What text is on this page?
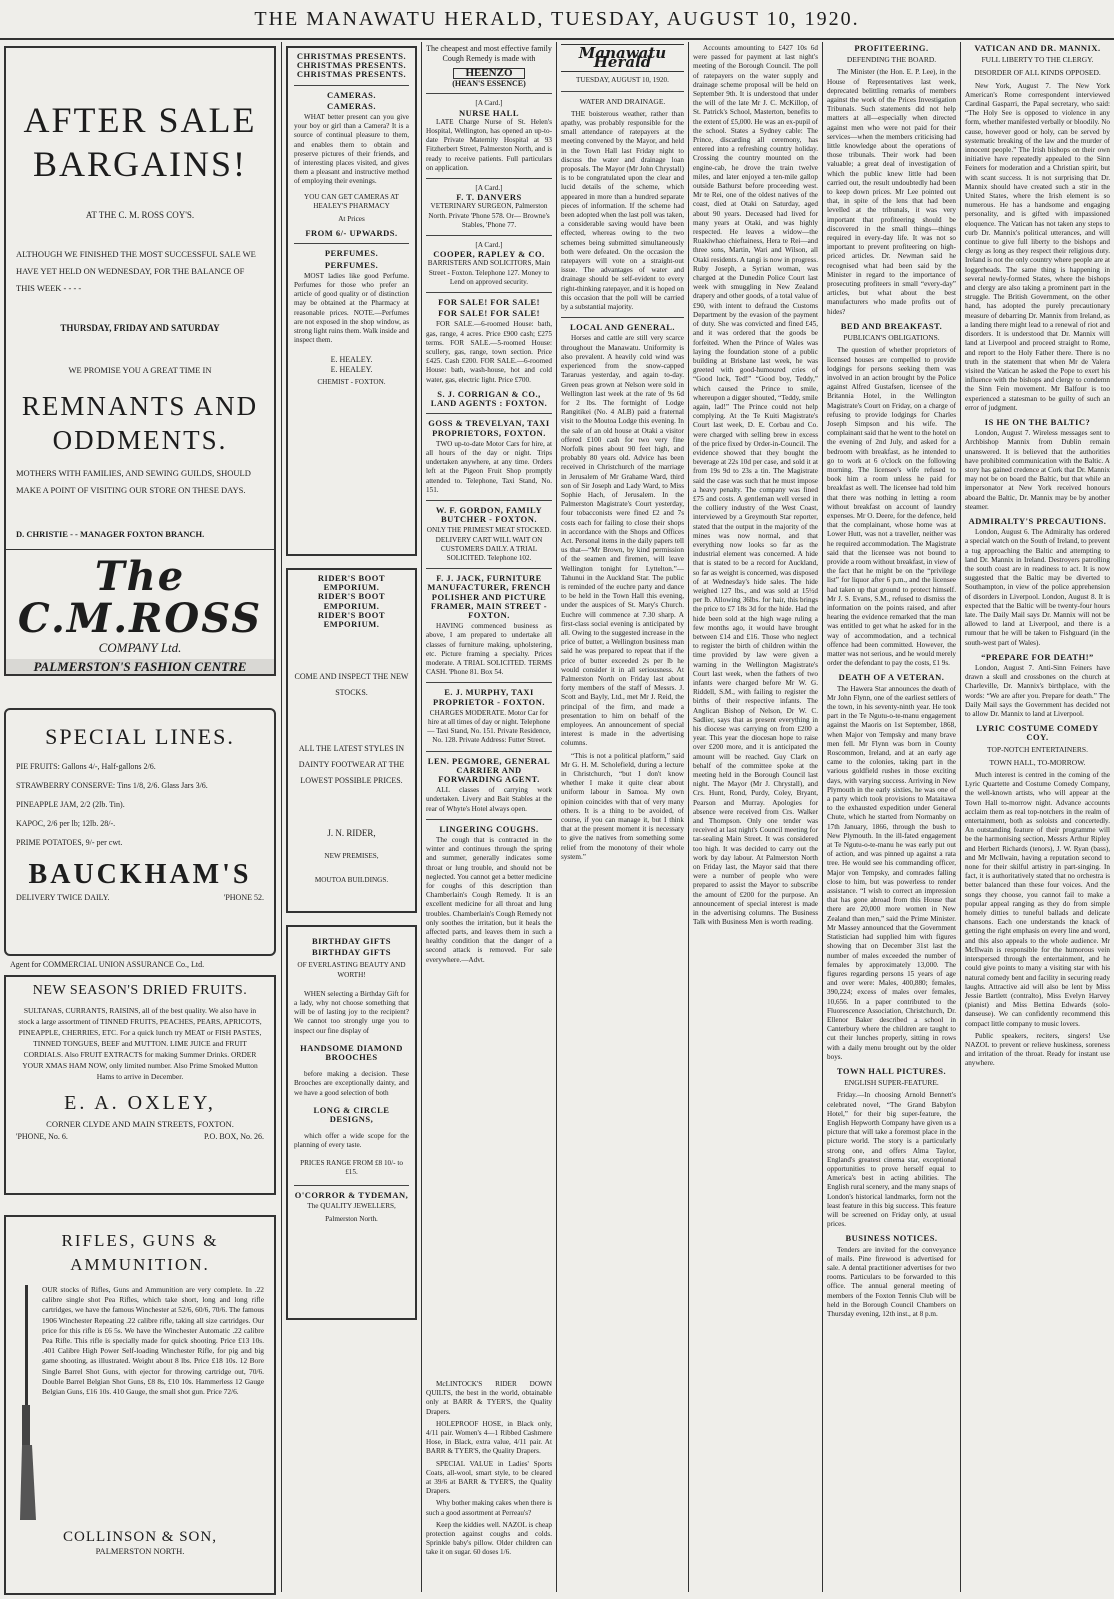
THE MANAWATU HERALD, TUESDAY, AUGUST 10, 1920.
AFTER SALE
BARGAINS!
AT THE C. M. ROSS COY'S.
ALTHOUGH WE FINISHED THE MOST SUCCESSFUL SALE WE HAVE YET HELD ON WEDNESDAY, FOR THE BALANCE OF THIS WEEK - - - -
THURSDAY, FRIDAY AND SATURDAY
WE PROMISE YOU A GREAT TIME IN
REMNANTS AND ODDMENTS.
MOTHERS WITH FAMILIES, AND SEWING GUILDS, SHOULD MAKE A POINT OF VISITING OUR STORE ON THESE DAYS.
D. CHRISTIE - - MANAGER FOXTON BRANCH.
The C.M.ROSS
COMPANY Ltd.
PALMERSTON'S FASHION CENTRE
SPECIAL LINES.
PIE FRUITS: Gallons 4/-, Half-gallons 2/6.
STRAWBERRY CONSERVE: Tins 1/8, 2/6. Glass Jars 3/6.
PINEAPPLE JAM, 2/2 (2lb. Tin).
KAPOC, 2/6 per lb; 12lb. 28/-.
PRIME POTATOES, 9/- per cwt.
BAUCKHAM'S
DELIVERY TWICE DAILY.	'PHONE 52.
Agent for COMMERCIAL UNION ASSURANCE Co., Ltd.
NEW SEASON'S DRIED FRUITS.
SULTANAS, CURRANTS, RAISINS, all of the best quality. We also have in stock a large assortment of TINNED FRUITS, PEACHES, PEARS, APRICOTS, PINEAPPLE, CHERRIES, ETC. For a quick lunch try MEAT or FISH PASTES, TINNED TONGUES, BEEF and MUTTON. LIME JUICE and FRUIT CORDIALS. Also FRUIT EXTRACTS for making Summer Drinks. ORDER YOUR XMAS HAM NOW, only limited number. Also Prime Smoked Mutton Hams to arrive in December.
E. A. OXLEY,
CORNER CLYDE AND MAIN STREETS, FOXTON.
'PHONE, No. 6.	P.O. BOX, No. 26.
RIFLES, GUNS & AMMUNITION.
OUR stocks of Rifles, Guns and Ammunition are very complete. In .22 calibre single shot Pea Rifles, which take short, long and long rifle cartridges, we have the famous Winchester at 52/6, 60/6, 70/6. The famous 1906 Winchester Repeating .22 calibre rifle, taking all size cartridges. Our price for this rifle is £6 5s. We have the Winchester Automatic .22 calibre Pea Rifle. This rifle is specially made for quick shooting. Price £13 10s. .401 Calibre High Power Self-loading Winchester Rifle, for pig and big game shooting, as illustrated. Weight about 8 lbs. Price £18 10s. 12 Bore Single Barrel Shot Guns, with ejector for throwing cartridge out, 70/6. Double Barrel Belgian Shot Guns, £8 8s, £10 10s. Hammerless 12 Gauge Belgian Guns, £16 10s. 410 Gauge, the small shot gun. Price 72/6.
COLLINSON & SON,
PALMERSTON NORTH.
CHRISTMAS PRESENTS.
CHRISTMAS PRESENTS.
CHRISTMAS PRESENTS.
CAMERAS.
CAMERAS.
WHAT better present can you give your boy or girl than a Camera? It is a source of continual pleasure to them, and enables them to obtain and preserve pictures of their friends, and of interesting places visited, and gives them a pleasant and instructive method of employing their evenings.
YOU CAN GET CAMERAS AT HEALEY'S PHARMACY
At Prices
FROM 6/- UPWARDS.
PERFUMES.
PERFUMES.
MOST ladies like good Perfume. Perfumes for those who prefer an article of good quality or of distinction may be obtained at the Pharmacy at reasonable prices. NOTE.—Perfumes are not exposed in the shop window, as strong light ruins them. Walk inside and inspect them.
E. HEALEY.
E. HEALEY.
CHEMIST - FOXTON.
RIDER'S BOOT EMPORIUM.
RIDER'S BOOT EMPORIUM.
RIDER'S BOOT EMPORIUM.
COME AND INSPECT THE NEW STOCKS.
ALL THE LATEST STYLES IN DAINTY FOOTWEAR AT THE LOWEST POSSIBLE PRICES.
J. N. RIDER,
NEW PREMISES,
MOUTOA BUILDINGS.
BIRTHDAY GIFTS
BIRTHDAY GIFTS
OF EVERLASTING BEAUTY AND WORTH!
WHEN selecting a Birthday Gift for a lady, why not choose something that will be of lasting joy to the recipient? We cannot too strongly urge you to inspect our fine display of
HANDSOME DIAMOND BROOCHES
before making a decision. These Brooches are exceptionally dainty, and we have a good selection of both
LONG & CIRCLE DESIGNS,
which offer a wide scope for the planning of every taste.
PRICES RANGE FROM £8 10/- to £15.
O'CORROR & TYDEMAN,
The QUALITY JEWELLERS,
Palmerston North.
The cheapest and most effective family Cough Remedy is made with
HEENZO
(HEAN'S ESSENCE)
[A Card.]
NURSE HALL
LATE Charge Nurse of St. Helen's Hospital, Wellington, has opened an up-to-date Private Maternity Hospital at 93 Fitzherbert Street, Palmerston North, and is ready to receive patients. Full particulars on application.
[A Card.]
F. T. DANVERS
VETERINARY SURGEON, Palmerston North. Private 'Phone 578. Or— Browne's Stables, 'Phone 77.
[A Card.]
COOPER, RAPLEY & CO.
BARRISTERS AND SOLICITORS, Main Street - Foxton. Telephone 127. Money to Lend on approved security.
FOR SALE! FOR SALE!
FOR SALE! FOR SALE!
FOR SALE.—6-roomed House: bath, gas, range, 4 acres. Price £900 cash; £275 terms. FOR SALE.—5-roomed House: scullery, gas, range, town section. Price £425. Cash £200. FOR SALE.—6-roomed House: bath, wash-house, hot and cold water, gas, electric light. Price £700.
S. J. CORRIGAN & CO., LAND AGENTS : FOXTON.
GOSS & TREVELYAN, TAXI PROPRIETORS, FOXTON.
TWO up-to-date Motor Cars for hire, at all hours of the day or night. Trips undertaken anywhere, at any time. Orders left at the Pigeon Fruit Shop promptly attended to. Telephone, Taxi Stand, No. 151.
W. F. GORDON, FAMILY BUTCHER - FOXTON.
ONLY THE PRIMEST MEAT STOCKED. DELIVERY CART WILL WAIT ON CUSTOMERS DAILY. A TRIAL SOLICITED. Telephone 102.
F. J. JACK, FURNITURE MANUFACTURER, FRENCH POLISHER AND PICTURE FRAMER, MAIN STREET - FOXTON.
HAVING commenced business as above, I am prepared to undertake all classes of furniture making, upholstering, etc. Picture framing a specialty. Prices moderate. A TRIAL SOLICITED. TERMS CASH. 'Phone 81. Box 54.
E. J. MURPHY, TAXI PROPRIETOR - FOXTON.
CHARGES MODERATE. Motor Car for hire at all times of day or night. Telephone— Taxi Stand, No. 151. Private Residence, No. 128. Private Address: Futter Street.
LEN. PEGMORE, GENERAL CARRIER AND FORWARDING AGENT.
ALL classes of carrying work undertaken. Livery and Bait Stables at the rear of Whyte's Hotel always open.
LINGERING COUGHS.
The cough that is contracted in the winter and continues through the spring and summer, generally indicates some throat or lung trouble, and should not be neglected. You cannot get a better medicine for coughs of this description than Chamberlain's Cough Remedy. It is an excellent medicine for all throat and lung troubles. Chamberlain's Cough Remedy not only soothes the irritation, but it heals the affected parts, and leaves them in such a healthy condition that the danger of a second attack is removed. For sale everywhere.—Advt.
Manawatu Herald
TUESDAY, AUGUST 10, 1920.
WATER AND DRAINAGE.
THE boisterous weather, rather than apathy, was probably responsible for the small attendance of ratepayers at the meeting convened by the Mayor, and held in the Town Hall last Friday night to discuss the water and drainage loan proposals. The Mayor (Mr John Chrystall) is to be congratulated upon the clear and lucid details of the scheme, which appeared in more than a hundred separate pieces of information. If the scheme had been adopted when the last poll was taken, a considerable saving would have been effected, whereas owing to the two schemes being submitted simultaneously both were defeated. On the occasion the ratepayers will vote on a straight-out issue. The advantages of water and drainage should be self-evident to every right-thinking ratepayer, and it is hoped on this occasion that the poll will be carried by a substantial majority.
LOCAL AND GENERAL.
Horses and cattle are still very scarce throughout the Manawatu. Uniformity is also prevalent. A heavily cold wind was experienced from the snow-capped Tararuas yesterday, and again to-day. Green peas grown at Nelson were sold in Wellington last week at the rate of 9s 6d for 2 lbs. The fortnight of Lodge Rangitikei (No. 4 ALB) paid a fraternal visit to the Moutoa Lodge this evening. In the sale of an old house at Otaki a visitor offered £100 cash for two very fine Norfolk pines about 90 feet high, and probably 80 years old. Advice has been received in Christchurch of the marriage in Jerusalem of Mr Grahame Ward, third son of Sir Joseph and Lady Ward, to Miss Sophie Hach, of Jerusalem. In the Palmerston Magistrate's Court yesterday, four tobacconists were fined £2 and 7s costs each for failing to close their shops in accordance with the Shops and Offices Act. Personal items in the daily papers tell us that—“Mr Brown, by kind permission of the seamen and firemen, will leave Wellington tonight for Lyttelton.”—Tahunui in the Auckland Star. The public is reminded of the euchre party and dance to be held in the Town Hall this evening, under the auspices of St. Mary's Church. Euchre will commence at 7.30 sharp. A first-class social evening is anticipated by all. Owing to the suggested increase in the price of butter, a Wellington business man said he was prepared to repeat that if the price of butter exceeded 2s per lb he would consider it in all seriousness. At Palmerston North on Friday last about forty members of the staff of Messrs. J. Scott and Bayly, Ltd., met Mr J. Reid, the principal of the firm, and made a presentation to him on behalf of the employees. An announcement of special interest is made in the advertising columns.
“This is not a political platform,” said Mr G. H. M. Scholefield, during a lecture in Christchurch, “but I don't know whether I make it quite clear about uniform labour in Samoa. My own opinion coincides with that of very many others. It is a thing to be avoided, of course, if you can manage it, but I think that at the present moment it is necessary to give the natives from something some relief from the monotony of their whole system.”
Accounts amounting to £427 10s 6d were passed for payment at last night's meeting of the Borough Council. The poll of ratepayers on the water supply and drainage scheme proposal will be held on September 9th. It is understood that under the will of the late Mr J. C. McKillop, of St. Patrick's School, Masterton, benefits to the extent of £5,000. He was an ex-pupil of the school. States a Sydney cable: The Prince, discarding all ceremony, has entered into a refreshing country holiday. Crossing the country mounted on the engine-cab, he drove the train twelve miles, and later enjoyed a ten-mile gallop outside Bathurst before proceeding west. Mr te Rei, one of the oldest natives of the coast, died at Otaki on Saturday, aged about 90 years. Deceased had lived for many years at Otaki, and was highly respected. He leaves a widow—the Ruakiwhao chieftainess, Hera te Rei—and three sons, Martin, Wari and Wilson, all Otaki residents. A tangi is now in progress. Ruby Joseph, a Syrian woman, was charged at the Dunedin Police Court last week with smuggling in New Zealand drapery and other goods, of a total value of £90, with intent to defraud the Customs Department by the evasion of the payment of duty. She was convicted and fined £45, and it was ordered that the goods be forfeited. When the Prince of Wales was laying the foundation stone of a public building at Brisbane last week, he was greeted with good-humoured cries of “Good luck, Ted!” “Good boy, Teddy,” which caused the Prince to smile, whereupon a digger shouted, “Teddy, smile again, lad!” The Prince could not help complying. At the Te Kuiti Magistrate's Court last week, D. E. Corbau and Co. were charged with selling brew in excess of the price fixed by Order-in-Council. The evidence showed that they bought the beverage at 22s 10d per case, and sold it at from 19s 9d to 23s a tin. The Magistrate said the case was such that he must impose a heavy penalty. The company was fined £75 and costs. A gentleman well versed in the colliery industry of the West Coast, interviewed by a Greymouth Star reporter, stated that the output in the majority of the mines was now normal, and that everything now looks so far as the industrial element was concerned. A hide that is stated to be a record for Auckland, so far as weight is concerned, was disposed of at Wednesday's hide sales. The hide weighed 127 lbs., and was sold at 15½d per lb. Allowing 36lbs. for hair, this brings the price to £7 18s 3d for the hide. Had the hide been sold at the high wage ruling a few months ago, it would have brought between £14 and £16. Those who neglect to register the birth of children within the time provided by law were given a warning in the Wellington Magistrate's Court last week, when the fathers of two infants were charged before Mr W. G. Riddell, S.M., with failing to register the births of their respective infants. The Anglican Bishop of Nelson, Dr W. C. Sadlier, says that as present everything in his diocese was carrying on from £200 a year. This year the diocesan hope to raise over £200 more, and it is anticipated the amount will be reached. Guy Clark on behalf of the committee spoke at the meeting held in the Borough Council last night. The Mayor (Mr J. Chrystall), and Crs. Hunt, Rond, Purdy, Coley, Bryant, Pearson and Murray. Apologies for absence were received from Crs. Walker and Thompson. Only one tender was received at last night's Council meeting for tar-sealing Main Street. It was considered too high. It was decided to carry out the work by day labour. At Palmerston North on Friday last, the Mayor said that there were a number of people who were prepared to assist the Mayor to subscribe the amount of £200 for the purpose. An announcement of special interest is made in the advertising columns. The Business Talk with Business Men is worth reading.
PROFITEERING.
DEFENDING THE BOARD.
The Minister (the Hon. E. P. Lee), in the House of Representatives last week, deprecated belittling remarks of members against the work of the Prices Investigation Tribunals. Such statements did not help matters at all—especially when directed against men who were not paid for their services—when the members criticising had little knowledge about the operations of those tribunals. Their work had been valuable; a great deal of investigation of which the public knew little had been carried out, the result undoubtedly had been to keep down prices. Mr Lee pointed out that, in spite of the lens that had been levelled at the tribunals, it was very important that profiteering should be discovered in the small things—things required in every-day life. It was not so important to prevent profiteering on high-priced articles. Dr. Newman said he recognised what had been said by the Minister in regard to the importance of prosecuting profiteers in small “every-day” articles, but what about the best manufacturers who made profits out of hides?
BED AND BREAKFAST.
PUBLICAN'S OBLIGATIONS.
The question of whether proprietors of licensed houses are compelled to provide lodgings for persons seeking them was involved in an action brought by the Police against Alfred Gustafsen, licensee of the Britannia Hotel, in the Wellington Magistrate's Court on Friday, on a charge of refusing to provide lodgings for Charles Joseph Simpson and his wife. The complainant said that he went to the hotel on the evening of 2nd July, and asked for a bedroom with breakfast, as he intended to go to work at 6 o'clock on the following morning. The licensee's wife refused to book him a room unless he paid for breakfast as well. The licensee had told him that there was nothing in letting a room without breakfast on account of laundry expenses. Mr O. Deere, for the defence, held that the complainant, whose home was at Lower Hutt, was not a traveller, neither was he required accommodation. The Magistrate said that the licensee was not bound to provide a room without breakfast, in view of the fact that he might be on the “privilege list” for liquor after 6 p.m., and the licensee had taken up that ground to protect himself. Mr J. S. Evans, S.M., refused to dismiss the information on the points raised, and after hearing the evidence remarked that the man was entitled to get what he asked for in the way of accommodation, and a technical offence had been committed. However, the matter was not serious, and he would merely order the defendant to pay the costs, £1 9s.
DEATH OF A VETERAN.
The Hawera Star announces the death of Mr John Flynn, one of the earliest settlers of the town, in his seventy-ninth year. He took part in the Te Ngutu-o-te-manu engagement against the Maoris on 1st September, 1868, when Major von Tempsky and many brave men fell. Mr Flynn was born in County Roscommon, Ireland, and at an early age came to the colonies, taking part in the various goldfield rushes in those exciting days, with varying success. Arriving in New Plymouth in the early sixties, he was one of a party which took provisions to Mataitawa to the exhausted expedition under General Chute, which he started from Normanby on 17th January, 1866, through the bush to New Plymouth. In the ill-fated engagement at Te Ngutu-o-te-manu he was early put out of action, and was pinned up against a rata tree. He would see his commanding officer, Major von Tempsky, and comrades falling close to him, but was powerless to render assistance. “I wish to correct an impression that has gone abroad from this House that there are 20,000 more women in New Zealand than men,” said the Prime Minister. Mr Massey announced that the Government Statistician had supplied him with figures showing that on December 31st last the number of males exceeded the number of females by approximately 13,000. The figures regarding persons 15 years of age and over were: Males, 400,880; females, 390,224; excess of males over females, 10,656. In a paper contributed to the Fluorescence Association, Christchurch, Dr. Ellenor Baker described a school in Canterbury where the children are taught to cut their lunches properly, sitting in rows with a daily menu brought out by the older boys.
TOWN HALL PICTURES.
ENGLISH SUPER-FEATURE.
Friday.—In choosing Arnold Bennett's celebrated novel, “The Grand Babylon Hotel,” for their big super-feature, the English Hepworth Company have given us a picture that will take a foremost place in the picture world. The story is a particularly strong one, and offers Alma Taylor, England's greatest cinema star, exceptional opportunities to prove herself equal to America's best in acting abilities. The English rural scenery, and the many snaps of London's historical landmarks, form not the least feature in this big success. This feature will be screened on Friday only, at usual prices.
BUSINESS NOTICES.
Tenders are invited for the conveyance of mails. Pine firewood is advertised for sale. A dental practitioner advertises for two rooms. Particulars to be forwarded to this office. The annual general meeting of members of the Foxton Tennis Club will be held in the Borough Council Chambers on Thursday evening, 12th inst., at 8 p.m.
VATICAN AND DR. MANNIX.
FULL LIBERTY TO THE CLERGY.
DISORDER OF ALL KINDS OPPOSED.
New York, August 7. The New York American's Rome correspondent interviewed Cardinal Gasparri, the Papal secretary, who said: “The Holy See is opposed to violence in any form, whether manifested verbally or bloodily. No cause, however good or holy, can be served by systematic breaking of the law and the murder of innocent people.” The Irish bishops on their own initiative have repeatedly appealed to the Sinn Feiners for moderation and a Christian spirit, but with scant success. It is not surprising that Dr. Mannix should have created such a stir in the United States, where the Irish element is so numerous. He has a handsome and engaging personality, and is gifted with impassioned eloquence. The Vatican has not taken any steps to curb Dr. Mannix's political utterances, and will continue to give full liberty to the bishops and clergy as long as they respect their religious duty. Ireland is not the only country where people are at loggerheads. The same thing is happening in several newly-formed States, where the bishops and clergy are also taking a prominent part in the struggle. The British Government, on the other hand, has adopted the purely precautionary measure of debarring Dr. Mannix from Ireland, as a landing there might lead to a renewal of riot and disorders. It is understood that Dr. Mannix will land at Liverpool and proceed straight to Rome, and report to the Holy Father there. There is no truth in the statement that when Mr de Valera visited the Vatican he asked the Pope to exert his influence with the bishops and clergy to condemn the Sinn Fein movement. Mr Balfour is too experienced a statesman to be guilty of such an error of judgment.
IS HE ON THE BALTIC?
London, August 7. Wireless messages sent to Archbishop Mannix from Dublin remain unanswered. It is believed that the authorities have prohibited communication with the Baltic. A story has gained credence at Cork that Dr. Mannix may not be on board the Baltic, but that while an impersonator at New York received honours aboard the Baltic, Dr. Mannix may be by another steamer.
ADMIRALTY'S PRECAUTIONS.
London, August 6. The Admiralty has ordered a special watch on the South of Ireland, to prevent a tug approaching the Baltic and attempting to land Dr. Mannix in Ireland. Destroyers patrolling the south coast are in readiness to act. It is now suggested that the Baltic may be diverted to Southampton, in view of the police apprehension of disorders in Liverpool. London, August 8. It is expected that the Baltic will be twenty-four hours late. The Daily Mail says Dr. Mannix will not be allowed to land at Liverpool, and there is a rumour that he will be taken to Fishguard (in the south-west part of Wales).
“PREPARE FOR DEATH!”
London, August 7. Anti-Sinn Feiners have drawn a skull and crossbones on the church at Charleville, Dr. Mannix's birthplace, with the words: “We are after you. Prepare for death.” The Daily Mail says the Government has decided not to allow Dr. Mannix to land at Liverpool.
LYRIC COSTUME COMEDY COY.
TOP-NOTCH ENTERTAINERS.
TOWN HALL, TO-MORROW.
Much interest is centred in the coming of the Lyric Quartette and Costume Comedy Company, the well-known artists, who will appear at the Town Hall to-morrow night. Advance accounts acclaim them as real top-notchers in the realm of entertainment, both as soloists and concertedly. An outstanding feature of their programme will be the harmonising section, Messrs Arthur Ripley and Herbert Richards (tenors), J. W. Ryan (bass), and Mr McIlwain, having a reputation second to none for their skilful artistry in part-singing. In fact, it is authoritatively stated that no orchestra is better balanced than these four voices. And the songs they choose, you cannot fail to make a popular appeal ranging as they do from simple homely ditties to tuneful ballads and delicate chansons. Each one understands the knack of getting the right emphasis on every line and word, and this also appeals to the whole audience. Mr McIlwain is responsible for the humorous vein interspersed through the entertainment, and he could give points to many a visiting star with his natural comedy bent and facility in securing ready laughs. Attractive aid will also be lent by Miss Jessie Bartlett (contralto), Miss Evelyn Harvey (pianist) and Miss Bettina Edwards (solo-danseuse). We can confidently recommend this compact little company to music lovers.
Public speakers, reciters, singers! Use NAZOL to prevent or relieve huskiness, soreness and irritation of the throat. Ready for instant use anywhere.
McLINTOCK'S RIDER DOWN QUILTS, the best in the world, obtainable only at BARR & TYER'S, the Quality Drapers.
HOLEPROOF HOSE, in Black only, 4/11 pair. Women's 4—1 Ribbed Cashmere Hose, in Black, extra value, 4/11 pair. At BARR & TYER'S, the Quality Drapers.
SPECIAL VALUE in Ladies' Sports Coats, all-wool, smart style, to be cleared at 39/6 at BARR & TYER'S, the Quality Drapers.
Why bother making cakes when there is such a good assortment at Perreau's?
Keep the kiddies well. NAZOL is cheap protection against coughs and colds. Sprinkle baby's pillow. Older children can take it on sugar. 60 doses 1/6.
